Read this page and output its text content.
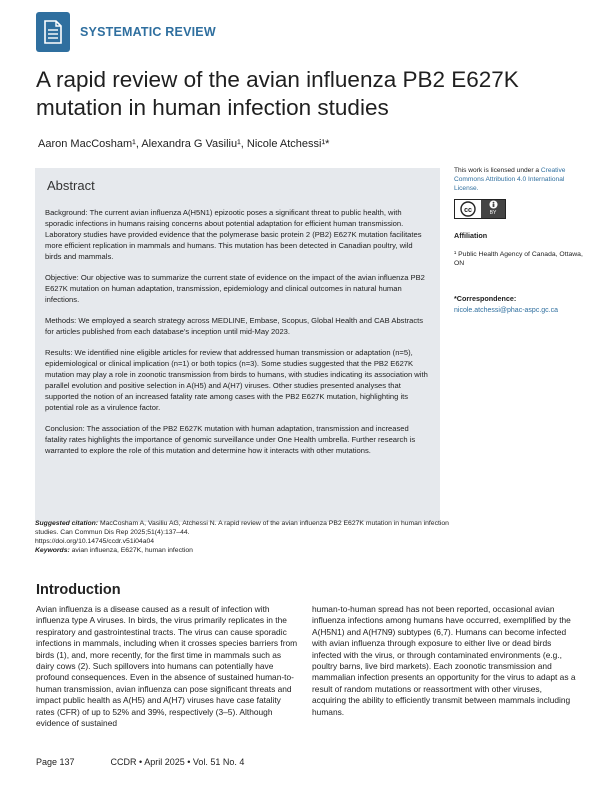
SYSTEMATIC REVIEW
A rapid review of the avian influenza PB2 E627K mutation in human infection studies
Aaron MacCosham¹, Alexandra G Vasiliu¹, Nicole Atchessi¹*
Abstract

Background: The current avian influenza A(H5N1) epizootic poses a significant threat to public health, with sporadic infections in humans raising concerns about potential adaptation for efficient human transmission. Laboratory studies have provided evidence that the polymerase basic protein 2 (PB2) E627K mutation facilitates more efficient replication in mammals and humans. This mutation has been detected in Canadian poultry, wild birds and mammals.

Objective: Our objective was to summarize the current state of evidence on the impact of the avian influenza PB2 E627K mutation on human adaptation, transmission, epidemiology and clinical outcomes in natural human infections.

Methods: We employed a search strategy across MEDLINE, Embase, Scopus, Global Health and CAB Abstracts for articles published from each database's inception until mid-May 2023.

Results: We identified nine eligible articles for review that addressed human transmission or adaptation (n=5), epidemiological or clinical implication (n=1) or both topics (n=3). Some studies suggested that the PB2 E627K mutation may play a role in zoonotic transmission from birds to humans, with studies indicating its association with parallel evolution and positive selection in A(H5) and A(H7) viruses. Other studies presented analyses that supported the notion of an increased fatality rate among cases with the PB2 E627K mutation, highlighting its potential role as a virulence factor.

Conclusion: The association of the PB2 E627K mutation with human adaptation, transmission and increased fatality rates highlights the importance of genomic surveillance under One Health umbrella. Further research is warranted to explore the role of this mutation and determine how it interacts with other mutations.

This work is licensed under a Creative Commons Attribution 4.0 International License.
cc	BY
Affiliation
¹ Public Health Agency of Canada, Ottawa, ON
*Correspondence:
nicole.atchessi@phac-aspc.gc.ca
Suggested citation: MacCosham A, Vasiliu AG, Atchessi N. A rapid review of the avian influenza PB2 E627K mutation in human infection studies. Can Commun Dis Rep 2025;51(4):137–44.
https://doi.org/10.14745/ccdr.v51i04a04
Keywords: avian influenza, E627K, human infection
Introduction
Avian influenza is a disease caused as a result of infection with influenza type A viruses. In birds, the virus primarily replicates in the respiratory and gastrointestinal tracts. The virus can cause sporadic infections in mammals, including when it crosses species barriers from birds (1), and, more recently, for the first time in mammals such as dairy cows (2). Such spillovers into humans can potentially have profound consequences. Even in the absence of sustained human-to-human transmission, avian influenza can pose significant threats and impact public health as A(H5) and A(H7) viruses have case fatality rates (CFR) of up to 52% and 39%, respectively (3–5). Although evidence of sustained
human-to-human spread has not been reported, occasional avian influenza infections among humans have occurred, exemplified by the A(H5N1) and A(H7N9) subtypes (6,7). Humans can become infected with avian influenza through exposure to either live or dead birds infected with the virus, or through contaminated environments (e.g., poultry barns, live bird markets). Each zoonotic transmission and mammalian infection presents an opportunity for the virus to adapt as a result of random mutations or reassortment with other viruses, acquiring the ability to efficiently transmit between mammals including humans.
Page 137	CCDR • April 2025 • Vol. 51 No. 4
